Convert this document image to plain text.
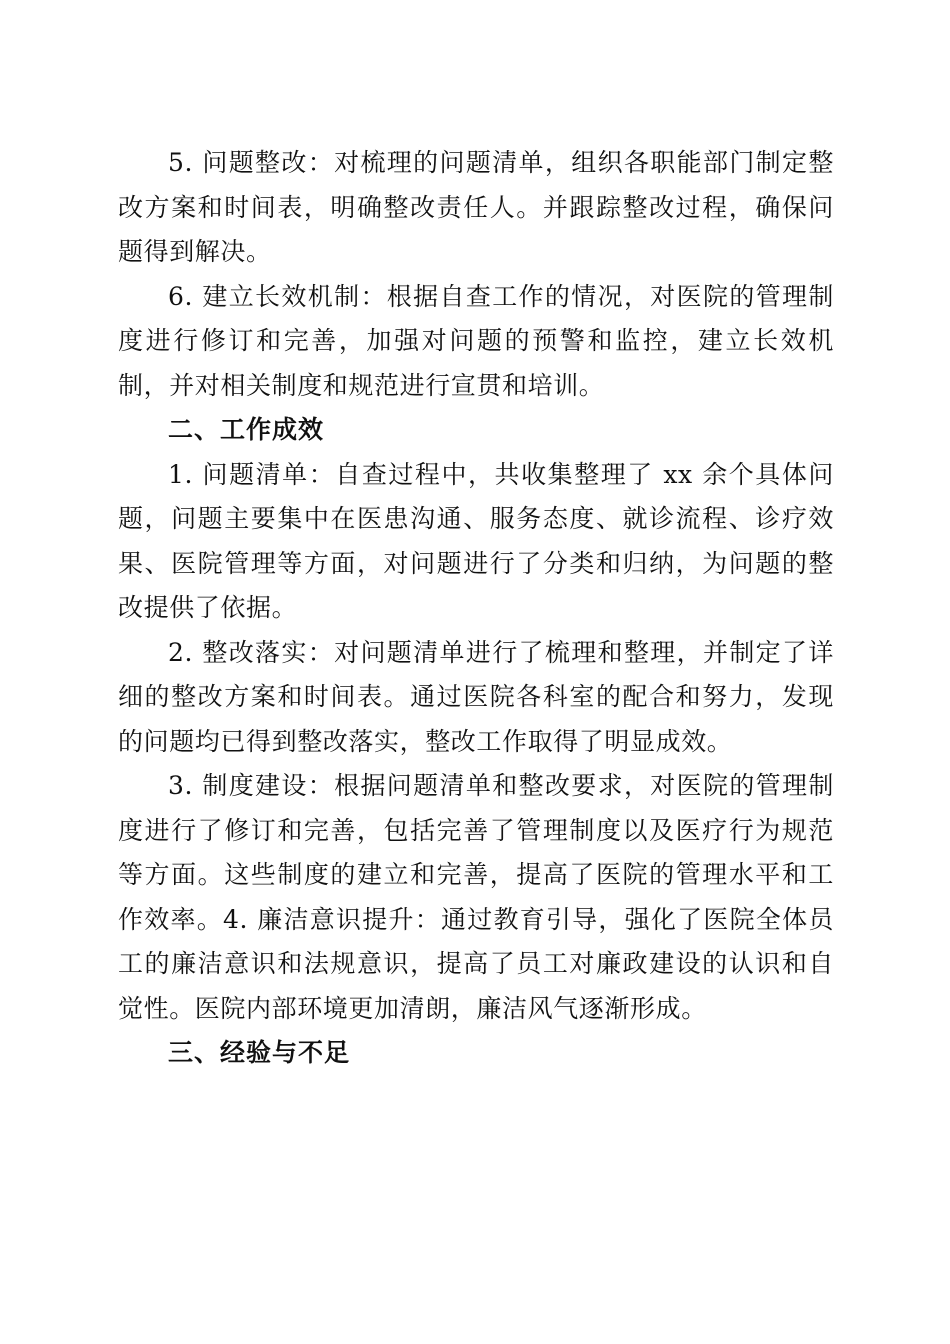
5. 问题整改：对梳理的问题清单，组织各职能部门制定整改方案和时间表，明确整改责任人。并跟踪整改过程，确保问题得到解决。

6. 建立长效机制：根据自查工作的情况，对医院的管理制度进行修订和完善，加强对问题的预警和监控，建立长效机制，并对相关制度和规范进行宣贯和培训。

二、工作成效

1. 问题清单：自查过程中，共收集整理了 xx 余个具体问题，问题主要集中在医患沟通、服务态度、就诊流程、诊疗效果、医院管理等方面，对问题进行了分类和归纳，为问题的整改提供了依据。

2. 整改落实：对问题清单进行了梳理和整理，并制定了详细的整改方案和时间表。通过医院各科室的配合和努力，发现的问题均已得到整改落实，整改工作取得了明显成效。

3. 制度建设：根据问题清单和整改要求，对医院的管理制度进行了修订和完善，包括完善了管理制度以及医疗行为规范等方面。这些制度的建立和完善，提高了医院的管理水平和工作效率。4. 廉洁意识提升：通过教育引导，强化了医院全体员工的廉洁意识和法规意识，提高了员工对廉政建设的认识和自觉性。医院内部环境更加清朗，廉洁风气逐渐形成。

三、经验与不足
